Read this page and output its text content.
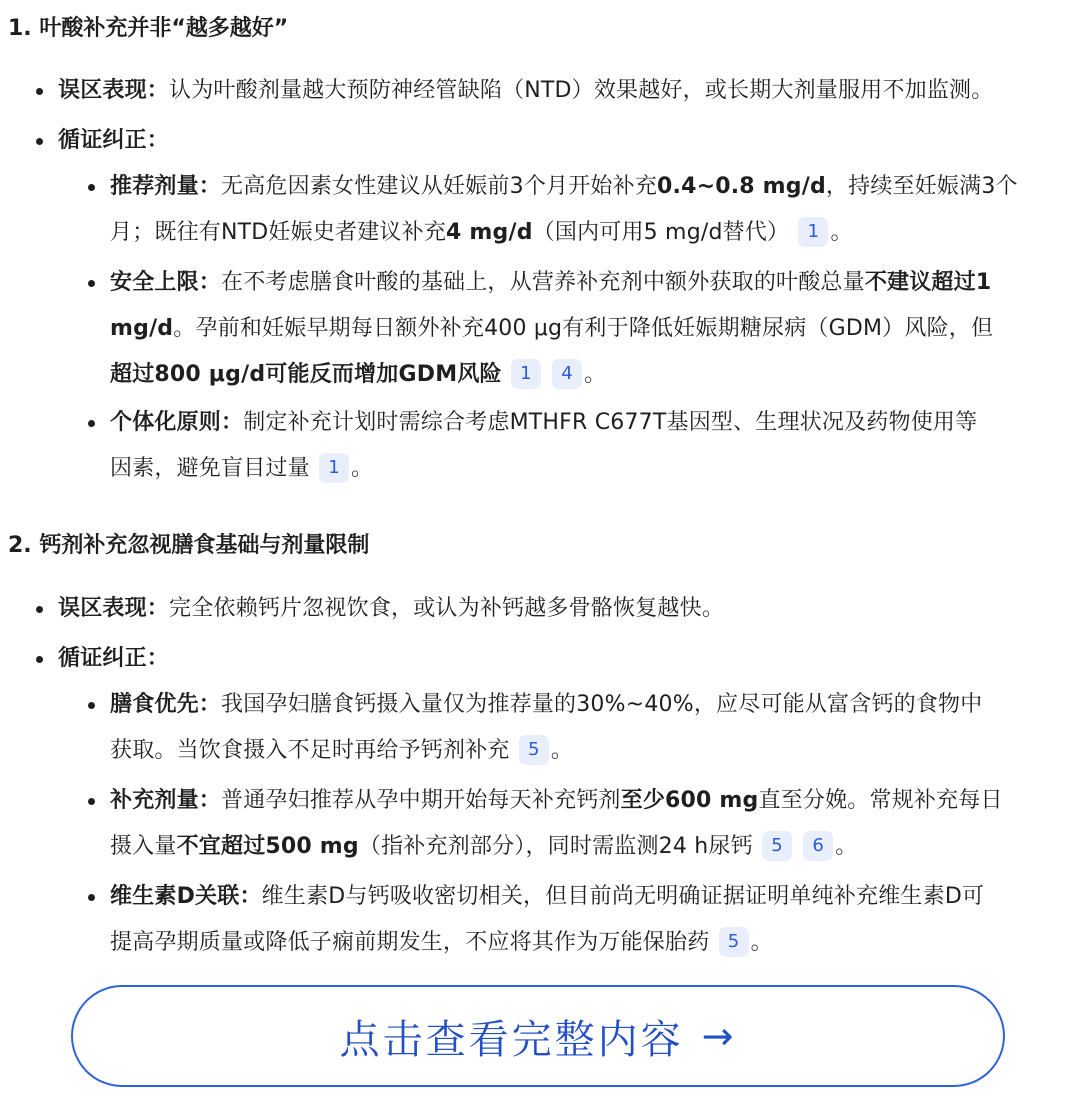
1. 叶酸补充并非“越多越好”
误区表现：认为叶酸剂量越大预防神经管缺陷（NTD）效果越好，或长期大剂量服用不加监测。
循证纠正：
推荐剂量：无高危因素女性建议从妊娠前3个月开始补充0.4~0.8 mg/d，持续至妊娠满3个
月；既往有NTD妊娠史者建议补充4 mg/d（国内可用5 mg/d替代） 1 。
安全上限：在不考虑膳食叶酸的基础上，从营养补充剂中额外获取的叶酸总量不建议超过1
mg/d。孕前和妊娠早期每日额外补充400 μg有利于降低妊娠期糖尿病（GDM）风险，但
超过800 μg/d可能反而增加GDM风险 1 4 。
个体化原则：制定补充计划时需综合考虑MTHFR C677T基因型、生理状况及药物使用等
因素，避免盲目过量 1 。
2. 钙剂补充忽视膳食基础与剂量限制
误区表现：完全依赖钙片忽视饮食，或认为补钙越多骨骼恢复越快。
循证纠正：
膳食优先：我国孕妇膳食钙摄入量仅为推荐量的30%~40%，应尽可能从富含钙的食物中
获取。当饮食摄入不足时再给予钙剂补充 5 。
补充剂量：普通孕妇推荐从孕中期开始每天补充钙剂至少600 mg直至分娩。常规补充每日
摄入量不宜超过500 mg（指补充剂部分），同时需监测24 h尿钙 5 6 。
维生素D关联：维生素D与钙吸收密切相关，但目前尚无明确证据证明单纯补充维生素D可
提高孕期质量或降低子痫前期发生，不应将其作为万能保胎药 5 。
点击查看完整内容 →
